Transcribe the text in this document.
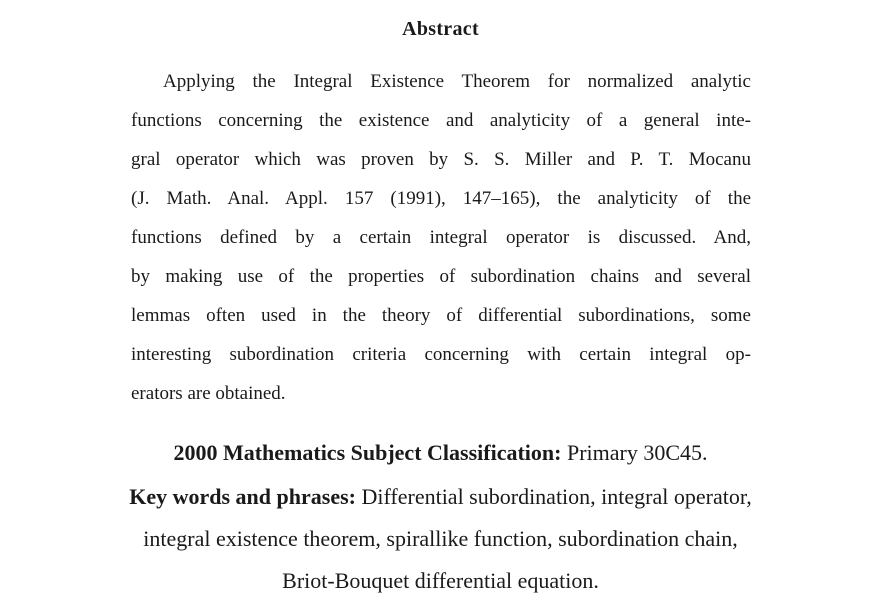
Abstract
Applying the Integral Existence Theorem for normalized analytic
functions concerning the existence and analyticity of a general inte-
gral operator which was proven by S. S. Miller and P. T. Mocanu
(J. Math. Anal. Appl. 157 (1991), 147–165), the analyticity of the
functions defined by a certain integral operator is discussed. And,
by making use of the properties of subordination chains and several
lemmas often used in the theory of differential subordinations, some
interesting subordination criteria concerning with certain integral op-
erators are obtained.
2000 Mathematics Subject Classification: Primary 30C45.
Key words and phrases: Differential subordination, integral operator,
integral existence theorem, spirallike function, subordination chain,
Briot-Bouquet differential equation.
